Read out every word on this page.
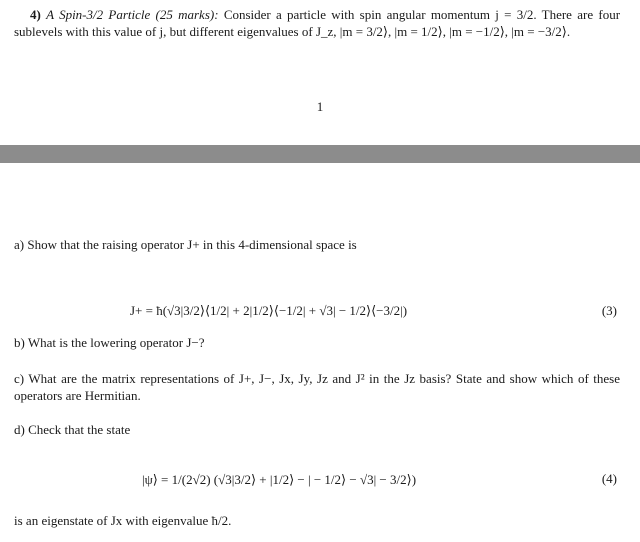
4) A Spin-3/2 Particle (25 marks): Consider a particle with spin angular momentum j = 3/2. There are four sublevels with this value of j, but different eigenvalues of J_z, |m = 3/2⟩, |m = 1/2⟩, |m = −1/2⟩, |m = −3/2⟩.
1
a) Show that the raising operator J+ in this 4-dimensional space is
J+ = ħ(√3|3/2⟩⟨1/2| + 2|1/2⟩⟨−1/2| + √3| − 1/2⟩⟨−3/2|)	(3)
b) What is the lowering operator J−?
c) What are the matrix representations of J+, J−, Jx, Jy, Jz and J² in the Jz basis? State and show which of these operators are Hermitian.
d) Check that the state
|ψ⟩ = 1/(2√2) (√3|3/2⟩ + |1/2⟩ − | − 1/2⟩ − √3| − 3/2⟩)	(4)
is an eigenstate of Jx with eigenvalue ħ/2.
